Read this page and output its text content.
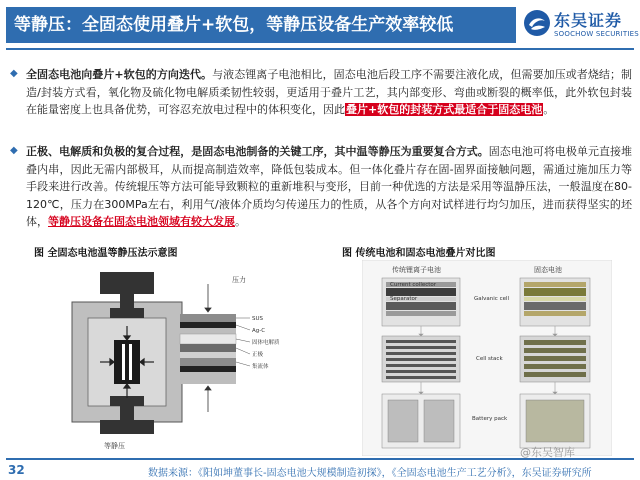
等静压：全固态使用叠片+软包，等静压设备生产效率较低	东吴证券
SOOCHOW SECURITIES
◆ 全固态电池向叠片+软包的方向迭代。与液态锂离子电池相比，固态电池后段工序不需要注液化成，但需要加压或者烧结；制造/封装方式看，氧化物及硫化物电解质柔韧性较弱，更适用于叠片工艺，其内部变形、弯曲或断裂的概率低，此外软包封装在能量密度上也具备优势，可容忍充放电过程中的体积变化，因此叠片+软包的封装方式最适合于固态电池。
◆ 正极、电解质和负极的复合过程，是固态电池制备的关键工序，其中温等静压为重要复合方式。固态电池可将电极单元直接堆叠内串，因此无需内部极耳，从而提高制造效率，降低包装成本。但一体化叠片存在固-固界面接触问题，需通过施加压力等手段来进行改善。传统辊压等方法可能导致颗粒的重新堆积与变形，目前一种优选的方法是采用等温静压法，一般温度在80-120℃，压力在300MPa左右，利用气/液体介质均匀传递压力的性质，从各个方向对试样进行均匀加压，进而获得坚实的坯体，等静压设备在固态电池领域有较大发展。
图 全固态电池温等静压法示意图	图 传统电池和固态电池叠片对比图
等静压
压力
SUS
Ag-C
固体电解质
正极
集流体
传统锂离子电池	固态电池
Current collector
Separator	Galvanic cell
Cell stack
Battery pack
32	数据来源：《阳如坤董事长-固态电池大规模制造初探》，《全固态电池生产工艺分析》，东吴证券研究所
@东吴智库
